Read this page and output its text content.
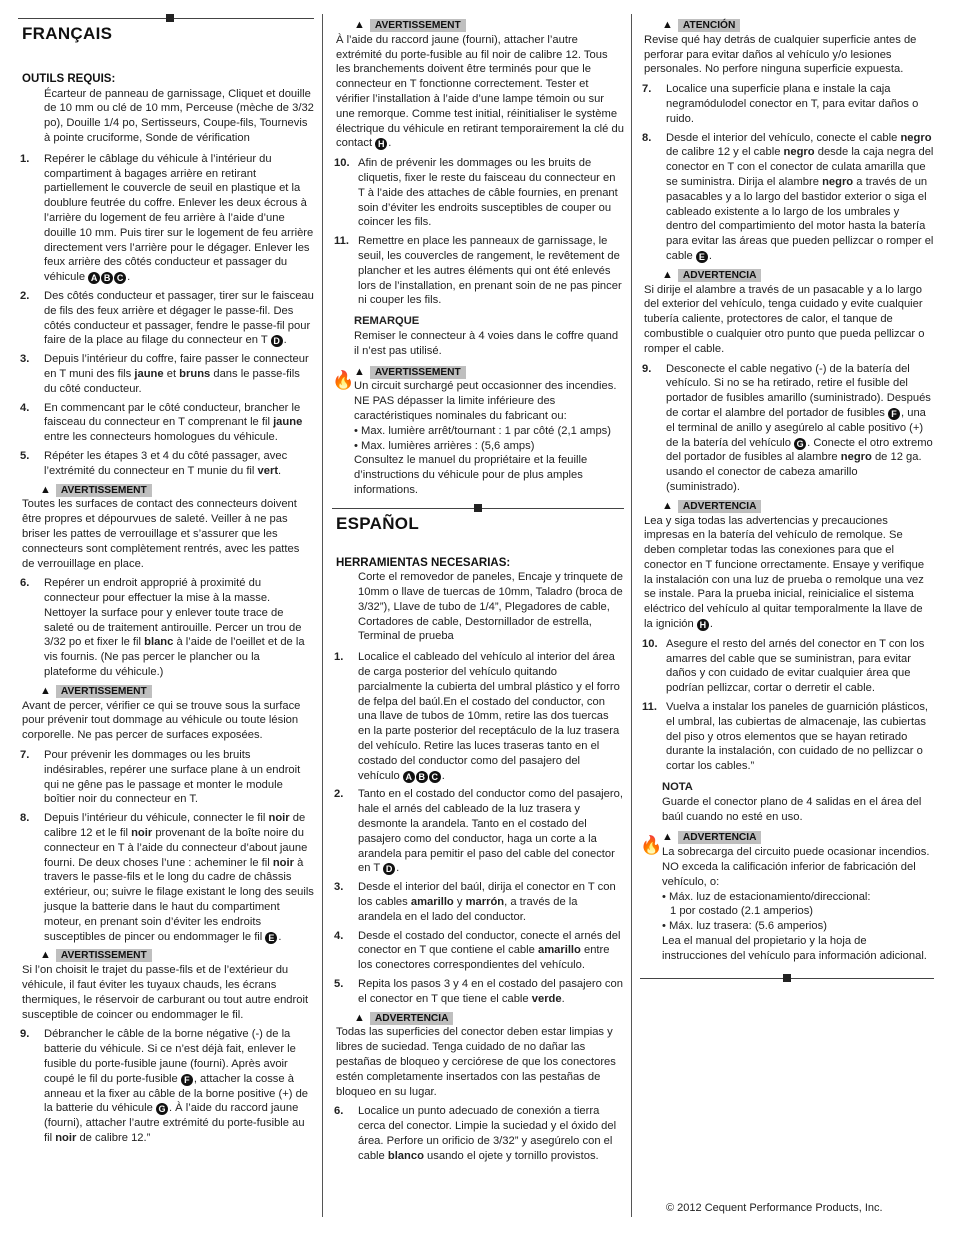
FRANÇAIS
OUTILS REQUIS:
Écarteur de panneau de garnissage, Cliquet et douille de 10 mm ou clé de 10 mm, Perceuse (mèche de 3/32 po), Douille 1/4 po, Sertisseurs, Coupe-fils, Tournevis à pointe cruciforme, Sonde de vérification
1.	Repérer le câblage du véhicule à l’intérieur du compartiment à bagages arrière en retirant partiellement le couvercle de seuil en plastique et la doublure feutrée du coffre. Enlever les deux écrous à l’arrière du logement de feu arrière à l’aide d’une douille 10 mm. Puis tirer sur le logement de feu arrière directement vers l’arrière pour le dégager. Enlever les feux arrière des côtés conducteur et passager du véhicule A B C .
2.	Des côtés conducteur et passager, tirer sur le faisceau de fils des feux arrière et dégager le passe-fil. Des côtés conducteur et passager, fendre le passe-fil pour faire de la place au filage du connecteur en T D .
3.	Depuis l’intérieur du coffre, faire passer le connecteur en T muni des fils jaune et bruns dans le passe-fils du côté conducteur.
4.	En commencant par le côté conducteur, brancher le faisceau du connecteur en T comprenant le fil jaune entre les connecteurs homologues du véhicule.
5.	Répéter les étapes 3 et 4 du côté passager, avec l’extrémité du connecteur en T munie du fil vert.
▲ AVERTISSEMENT
Toutes les surfaces de contact des connecteurs doivent être propres et dépourvues de saleté. Veiller à ne pas briser les pattes de verrouillage et s’assurer que les connecteurs sont complètement rentrés, avec les pattes de verrouillage en place.
6.	Repérer un endroit approprié à proximité du connecteur pour effectuer la mise à la masse. Nettoyer la surface pour y enlever toute trace de saleté ou de traitement antirouille. Percer un trou de 3/32 po et fixer le fil blanc à l’aide de l’oeillet et de la vis fournis. (Ne pas percer le plancher ou la plateforme du véhicule.)
▲ AVERTISSEMENT
Avant de percer, vérifier ce qui se trouve sous la surface pour prévenir tout dommage au véhicule ou toute lésion corporelle. Ne pas percer de surfaces exposées.
7.	Pour prévenir les dommages ou les bruits indésirables, repérer une surface plane à un endroit qui ne gêne pas le passage et monter le module boîtier noir du connecteur en T.
8.	Depuis l’intérieur du véhicule, connecter le fil noir de calibre 12 et le fil noir provenant de la boîte noire du connecteur en T à l’aide du connecteur d’about jaune fourni. De deux choses l’une : acheminer le fil noir à travers le passe-fils et le long du cadre de châssis extérieur, ou; suivre le filage existant le long des seuils jusque la batterie dans le haut du compartiment moteur, en prenant soin d’éviter les endroits susceptibles de pincer ou endommager le fil E .
▲ AVERTISSEMENT
Si l’on choisit le trajet du passe-fils et de l’extérieur du véhicule, il faut éviter les tuyaux chauds, les écrans thermiques, le réservoir de carburant ou tout autre endroit susceptible de coincer ou endommager le fil.
9.	Débrancher le câble de la borne négative (-) de la batterie du véhicule. Si ce n’est déjà fait, enlever le fusible du porte-fusible jaune (fourni). Après avoir coupé le fil du porte-fusible F , attacher la cosse à anneau et la fixer au câble de la borne positive (+) de la batterie du véhicule G . À l’aide du raccord jaune (fourni), attacher l’autre extrémité du porte-fusible au fil noir de calibre 12.”
▲ AVERTISSEMENT
À l’aide du raccord jaune (fourni), attacher l’autre extrémité du porte-fusible au fil noir de calibre 12. Tous les branchements doivent être terminés pour que le connecteur en T fonctionne correctement. Tester et vérifier l’installation à l’aide d’une lampe témoin ou sur une remorque. Comme test initial, réinitialiser le système électrique du véhicule en retirant temporairement la clé du contact H .
10. Afin de prévenir les dommages ou les bruits de cliquetis, fixer le reste du faisceau du connecteur en T à l’aide des attaches de câble fournies, en prenant soin d’éviter les endroits susceptibles de couper ou coincer les fils.
11. Remettre en place les panneaux de garnissage, le seuil, les couvercles de rangement, le revêtement de plancher et les autres éléments qui ont été enlevés lors de l’installation, en prenant soin de ne pas pincer ni couper les fils.
REMARQUE
Remiser le connecteur à 4 voies dans le coffre quand il n’est pas utilisé.
🔥 ▲ AVERTISSEMENT
Un circuit surchargé peut occasionner des incendies. NE PAS dépasser la limite inférieure des caractéristiques nominales du fabricant ou:
• Max. lumière arrêt/tournant : 1 par côté (2,1 amps)
• Max. lumières arrières : (5,6 amps)
Consultez le manuel du propriétaire et la feuille d’instructions du véhicule pour de plus amples informations.
ESPAÑOL
HERRAMIENTAS NECESARIAS:
Corte el removedor de paneles, Encaje y trinquete de 10mm o llave de tuercas de 10mm, Taladro (broca de 3/32”), Llave de tubo de 1/4”, Plegadores de cable, Cortadores de cable, Destornillador de estrella, Terminal de prueba
1.	Localice el cableado del vehículo al interior del área de carga posterior del vehículo quitando parcialmente la cubierta del umbral plástico y el forro de felpa del baúl.En el costado del conductor, con una llave de tubos de 10mm, retire las dos tuercas en la parte posterior del receptáculo de la luz trasera del vehículo. Retire las luces traseras tanto en el costado del conductor como del pasajero del vehículo A B C .
2.	Tanto en el costado del conductor como del pasajero, hale el arnés del cableado de la luz trasera y desmonte la arandela. Tanto en el costado del pasajero como del conductor, haga un corte a la arandela para pemitir el paso del cable del conector en T D .
3.	Desde el interior del baúl, dirija el conector en T con los cables amarillo y marrón, a través de la arandela en el lado del conductor.
4.	Desde el costado del conductor, conecte el arnés del conector en T que contiene el cable amarillo entre los conectores correspondientes del vehículo.
5.	Repita los pasos 3 y 4 en el costado del pasajero con el conector en T que tiene el cable verde.
▲ ADVERTENCIA
Todas las superficies del conector deben estar limpias y libres de suciedad. Tenga cuidado de no dañar las pestañas de bloqueo y cerciórese de que los conectores estén completamente insertados con las pestañas de bloqueo en su lugar.
6.	Localice un punto adecuado de conexión a tierra cerca del conector. Limpie la suciedad y el óxido del área. Perfore un orificio de 3/32” y asegúrelo con el cable blanco usando el ojete y tornillo provistos.
▲ ATENCIÓN
Revise qué hay detrás de cualquier superficie antes de perforar para evitar daños al vehículo y/o lesiones personales. No perfore ninguna superficie expuesta.
7.	Localice una superficie plana e instale la caja negramódulodel conector en T, para evitar daños o ruido.
8.	Desde el interior del vehículo, conecte el cable negro de calibre 12 y el cable negro desde la caja negra del conector en T con el conector de culata amarilla que se suministra. Dirija el alambre negro a través de un pasacables y a lo largo del bastidor exterior o siga el cableado existente a lo largo de los umbrales y dentro del compartimiento del motor hasta la batería para evitar las áreas que pueden pellizcar o romper el cable E .
▲ ADVERTENCIA
Si dirije el alambre a través de un pasacable y a lo largo del exterior del vehículo, tenga cuidado y evite cualquier tubería caliente, protectores de calor, el tanque de combustible o cualquier otro punto que pueda pellizcar o romper el cable.
9.	Desconecte el cable negativo (-) de la batería del vehículo. Si no se ha retirado, retire el fusible del portador de fusibles amarillo (suministrado). Después de cortar el alambre del portador de fusibles F , una el terminal de anillo y asegúrelo al cable positivo (+) de la batería del vehículo G . Conecte el otro extremo del portador de fusibles al alambre negro de 12 ga. usando el conector de cabeza amarillo (suministrado).
▲ ADVERTENCIA
Lea y siga todas las advertencias y precauciones impresas en la batería del vehículo de remolque. Se deben completar todas las conexiones para que el conector en T funcione orrectamente. Ensaye y verifique la instalación con una luz de prueba o remolque una vez se instale. Para la prueba inicial, reinicialice el sistema eléctrico del vehículo al quitar temporalmente la llave de la ignición H .
10. Asegure el resto del arnés del conector en T con los amarres del cable que se suministran, para evitar daños y con cuidado de evitar cualquier área que podrían pellizcar, cortar o derretir el cable.
11. Vuelva a instalar los paneles de guarnición plásticos, el umbral, las cubiertas de almacenaje, las cubiertas del piso y otros elementos que se hayan retirado durante la instalación, con cuidado de no pellizcar o cortar los cables.”
NOTA
Guarde el conector plano de 4 salidas en el área del baúl cuando no esté en uso.
🔥 ▲ ADVERTENCIA
La sobrecarga del circuito puede ocasionar incendios. NO exceda la calificación inferior de fabricación del vehículo, o:
• Máx. luz de estacionamiento/direccional:
1 por costado (2.1 amperios)
• Máx. luz trasera: (5.6 amperios)
Lea el manual del propietario y la hoja de instrucciones del vehículo para información adicional.
© 2012 Cequent Performance Products, Inc.
